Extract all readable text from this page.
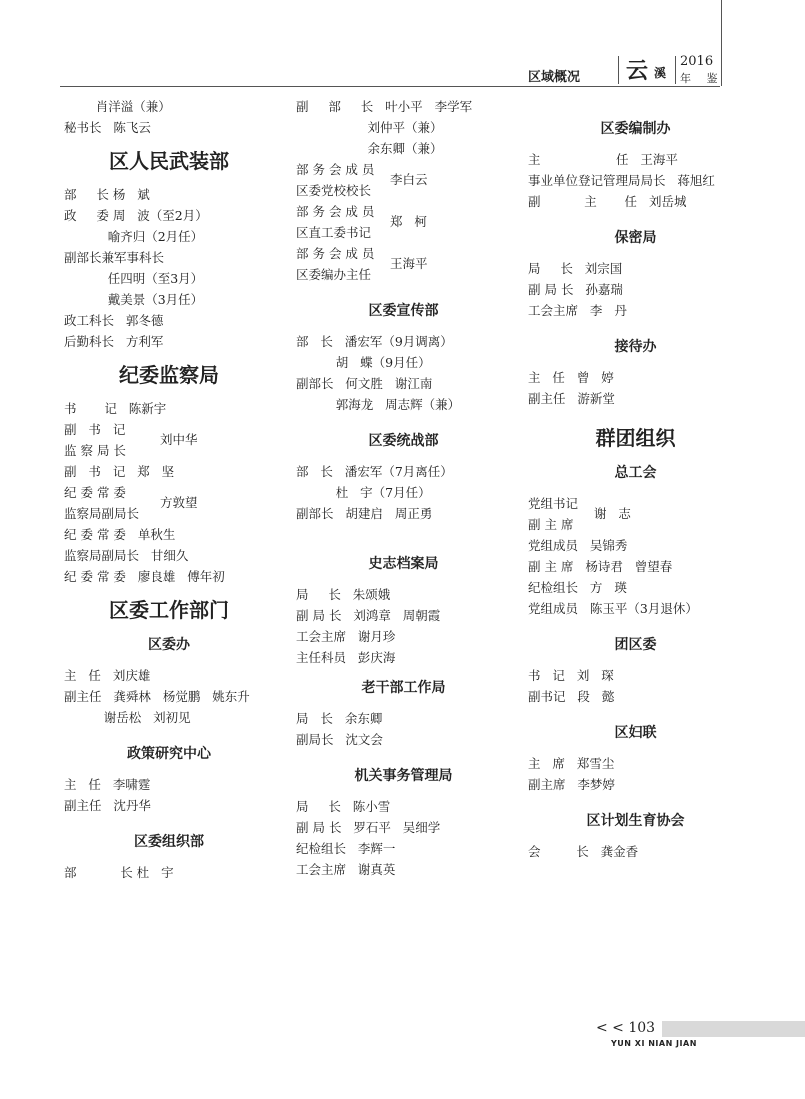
区域概况 云 溪
2016
年 鉴
肖洋溢（兼）
秘书长   陈飞云
区人民武装部
部     长 杨   斌
政     委 周   波（至2月）
喻齐归（2月任）
副部长兼军事科长
任四明（至3月）
戴美景（3月任）
政工科长   郭冬德
后勤科长   方利军
纪委监察局
书       记   陈新宇
副   书   记
监 察 局 长
刘中华
副   书   记   郑   坚
纪 委 常 委
监察局副局长
方敦望
纪 委 常 委   单秋生
监察局副局长   甘细久
纪 委 常 委   廖良雄   傅年初
区委工作部门
区委办
主   任   刘庆雄
副主任   龚舜林   杨觉鹏   姚东升
谢岳松   刘初见
政策研究中心
主   任   李啸霆
副主任   沈丹华
区委组织部
部           长 杜   宇
副     部     长   叶小平   李学军
刘仲平（兼）
余东卿（兼）
部 务 会 成 员
区委党校校长
李白云
部 务 会 成 员
区直工委书记
郑   柯
部 务 会 成 员
区委编办主任
王海平
区委宣传部
部   长   潘宏军（9月调离）
胡   蝶（9月任）
副部长   何文胜   谢江南
郭海龙   周志辉（兼）
区委统战部
部   长   潘宏军（7月离任）
杜   宇（7月任）
副部长   胡建启   周正勇
史志档案局
局     长   朱颂娥
副 局 长   刘鸿章   周朝霞
工会主席   谢月珍
主任科员   彭庆海
老干部工作局
局   长   余东卿
副局长   沈文会
机关事务管理局
局     长   陈小雪
副 局 长   罗石平   吴细学
纪检组长   李辉一
工会主席   谢真英
区委编制办
主                   任   王海平
事业单位登记管理局局长   蒋旭红
副           主       任   刘岳城
保密局
局     长   刘宗国
副 局 长   孙嘉瑞
工会主席   李   丹
接待办
主   任   曾   婷
副主任   游新堂
群团组织
总工会
党组书记
副 主 席
谢   志
党组成员   吴锦秀
副 主 席   杨诗君   曾望春
纪检组长   方   瑛
党组成员   陈玉平（3月退休）
团区委
书   记   刘   琛
副书记   段   懿
区妇联
主   席   郑雪尘
副主席   李梦婷
区计划生育协会
会         长   龚金香
< < 103
YUN XI NIAN JIAN
